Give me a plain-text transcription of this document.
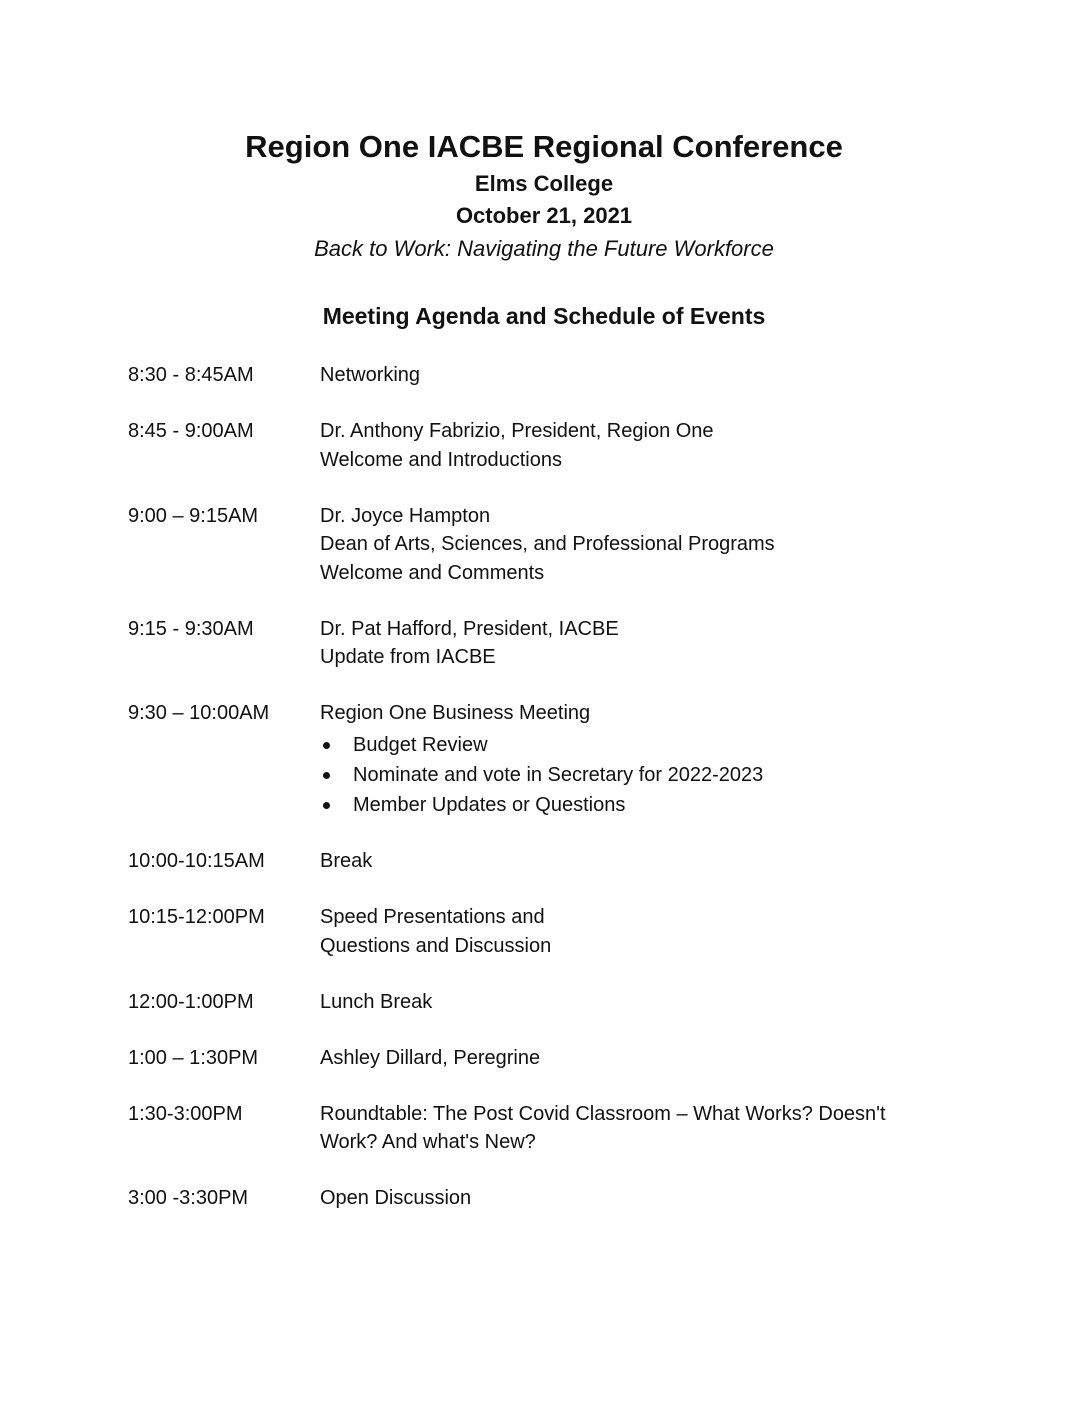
Region One IACBE Regional Conference
Elms College
October 21, 2021
Back to Work: Navigating the Future Workforce
Meeting Agenda and Schedule of Events
8:30 - 8:45AM	Networking
8:45 - 9:00AM	Dr. Anthony Fabrizio, President, Region One
Welcome and Introductions
9:00 – 9:15AM	Dr. Joyce Hampton
Dean of Arts, Sciences, and Professional Programs
Welcome and Comments
9:15 - 9:30AM	Dr. Pat Hafford, President, IACBE
Update from IACBE
9:30 – 10:00AM	Region One Business Meeting
Budget Review
Nominate and vote in Secretary for 2022-2023
Member Updates or Questions
10:00-10:15AM	Break
10:15-12:00PM	Speed Presentations and
Questions and Discussion
12:00-1:00PM	Lunch Break
1:00 – 1:30PM	Ashley Dillard, Peregrine
1:30-3:00PM	Roundtable: The Post Covid Classroom – What Works? Doesn't
Work? And what's New?
3:00 -3:30PM	Open Discussion
